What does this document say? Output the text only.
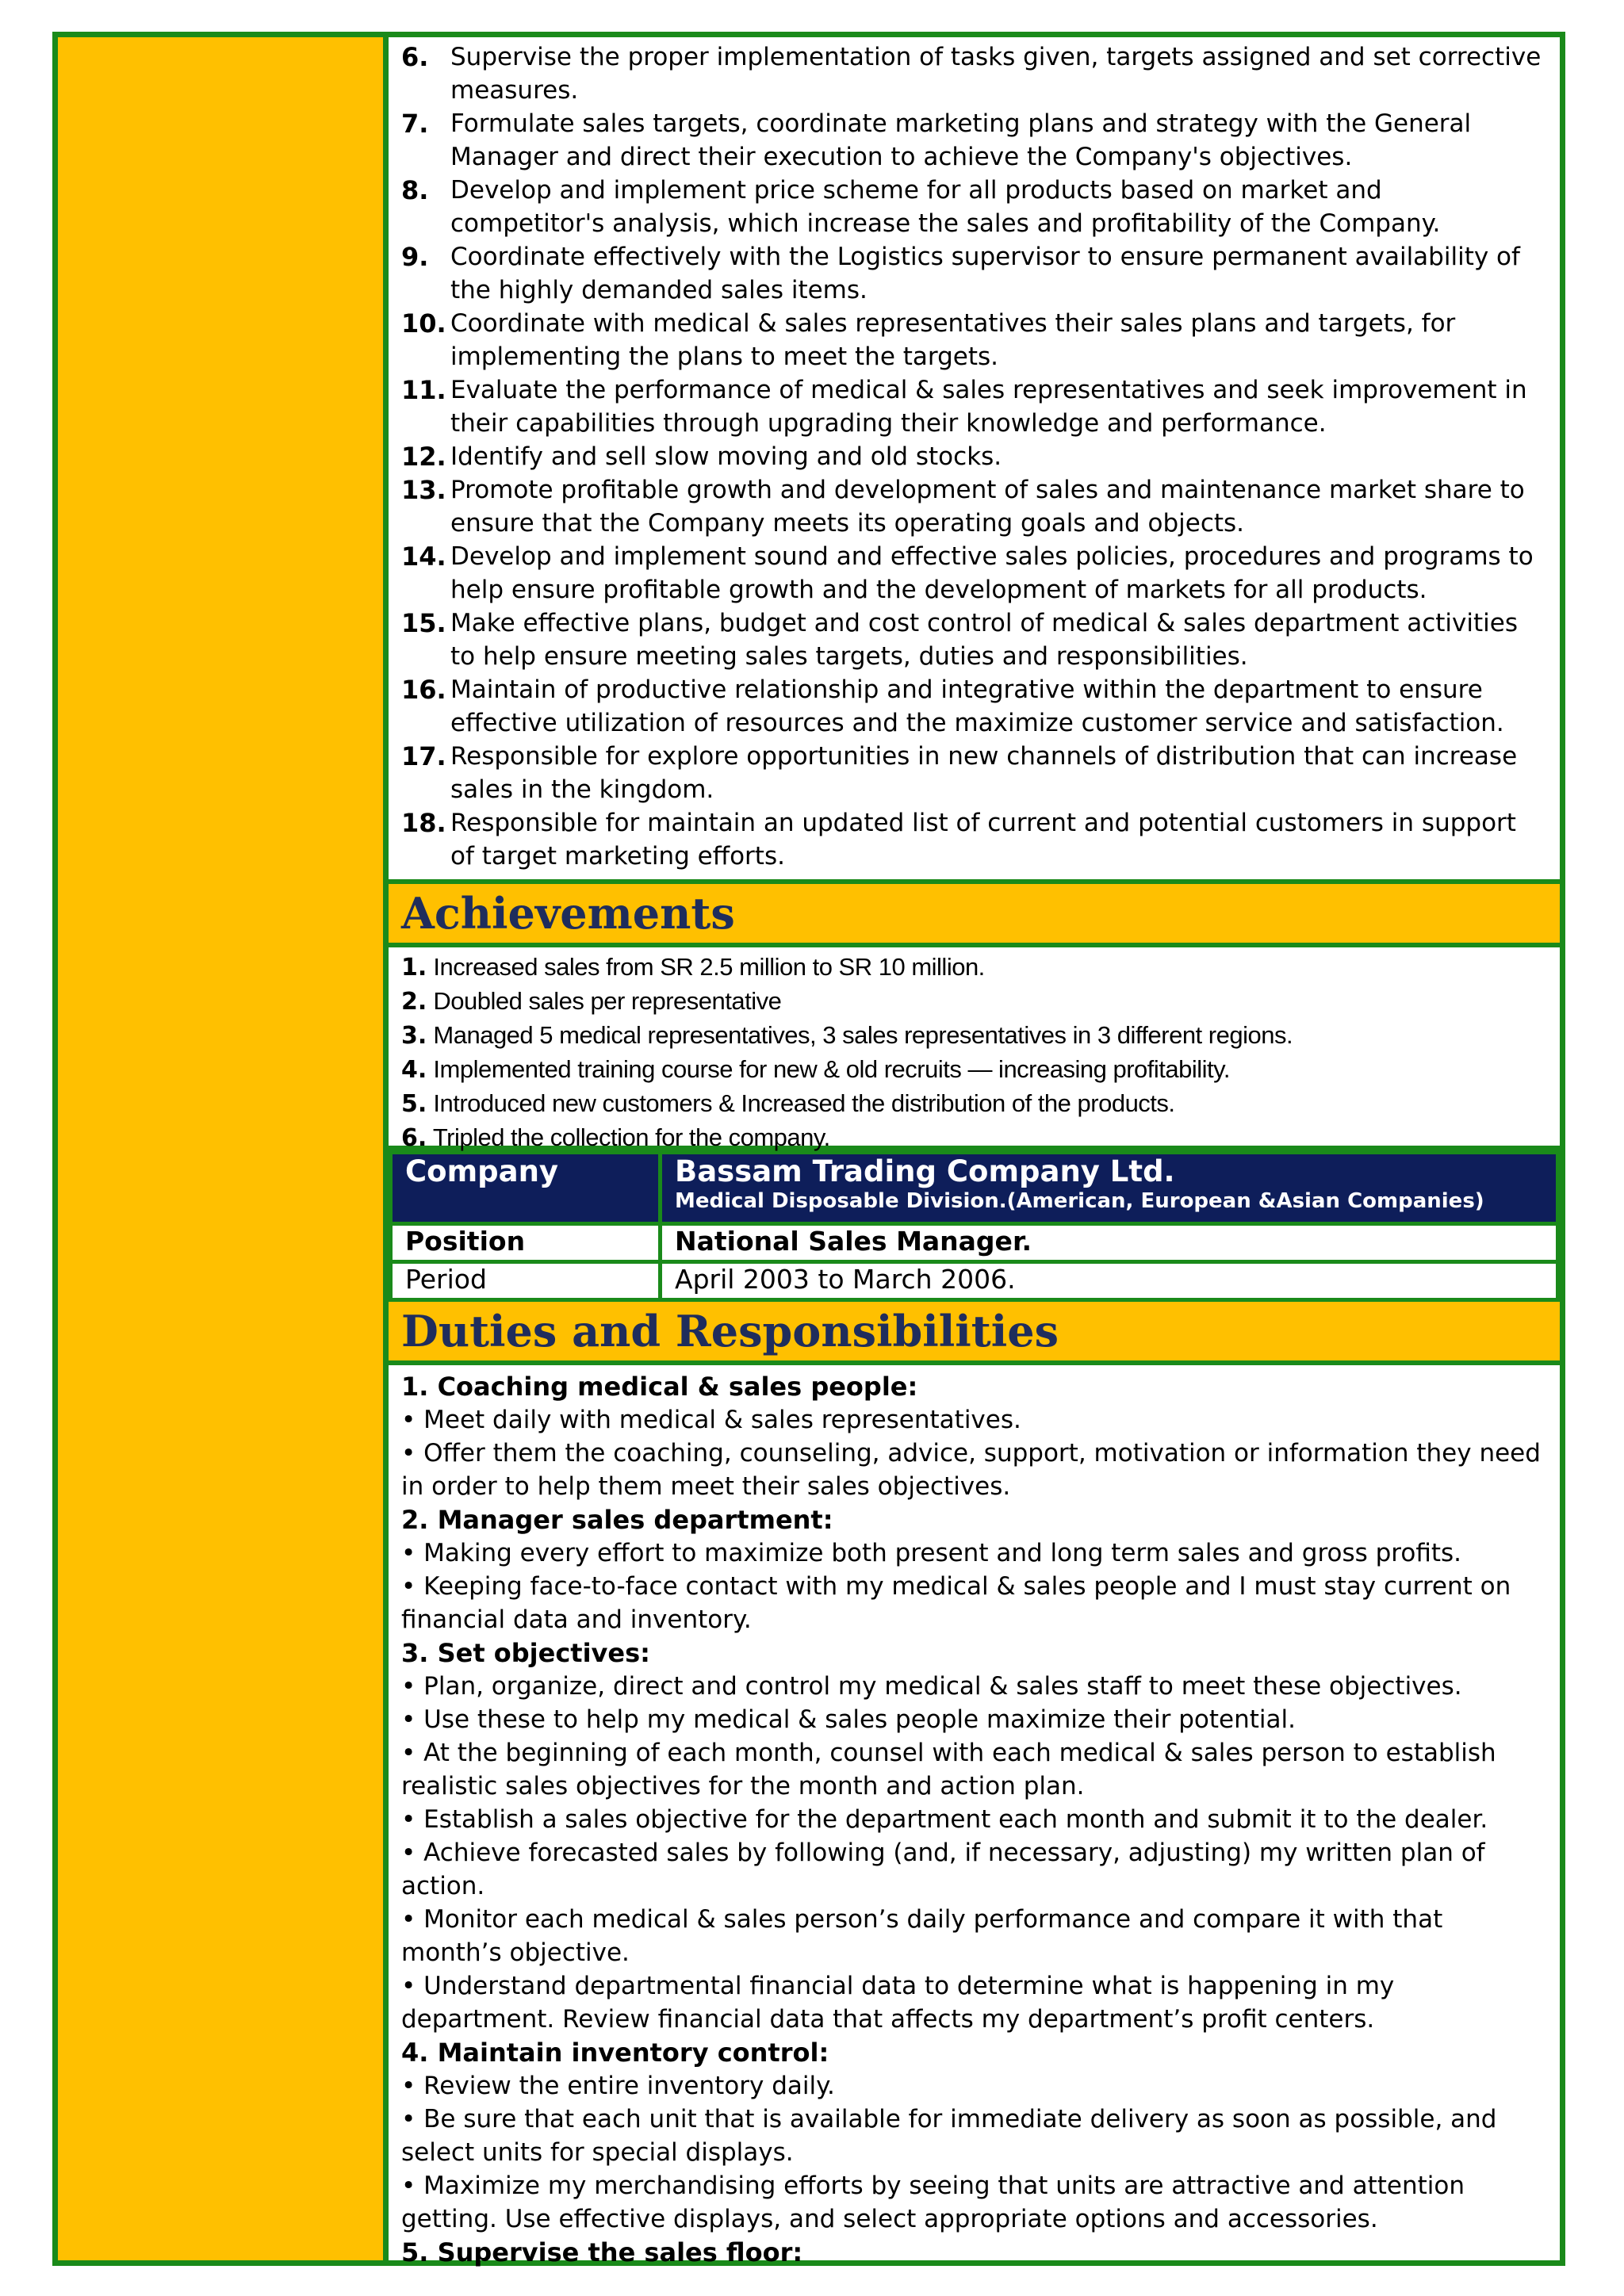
6. Supervise the proper implementation of tasks given, targets assigned and set corrective measures.
7. Formulate sales targets, coordinate marketing plans and strategy with the General Manager and direct their execution to achieve the Company's objectives.
8. Develop and implement price scheme for all products based on market and competitor's analysis, which increase the sales and profitability of the Company.
9. Coordinate effectively with the Logistics supervisor to ensure permanent availability of the highly demanded sales items.
10. Coordinate with medical & sales representatives their sales plans and targets, for implementing the plans to meet the targets.
11. Evaluate the performance of medical & sales representatives and seek improvement in their capabilities through upgrading their knowledge and performance.
12. Identify and sell slow moving and old stocks.
13. Promote profitable growth and development of sales and maintenance market share to ensure that the Company meets its operating goals and objects.
14. Develop and implement sound and effective sales policies, procedures and programs to help ensure profitable growth and the development of markets for all products.
15. Make effective plans, budget and cost control of medical & sales department activities to help ensure meeting sales targets, duties and responsibilities.
16. Maintain of productive relationship and integrative within the department to ensure effective utilization of resources and the maximize customer service and satisfaction.
17. Responsible for explore opportunities in new channels of distribution that can increase sales in the kingdom.
18. Responsible for maintain an updated list of current and potential customers in support of target marketing efforts.
Achievements
1. Increased sales from SR 2.5 million to SR 10 million.
2. Doubled sales per representative
3. Managed 5 medical representatives, 3 sales representatives in 3 different regions.
4. Implemented training course for new & old recruits — increasing profitability.
5. Introduced new customers & Increased the distribution of the products.
6. Tripled the collection for the company.
Company	Bassam Trading Company Ltd.
Medical Disposable Division.(American, European &Asian Companies)

Position	National Sales Manager.
Period	April 2003 to March 2006.
Duties and Responsibilities
1. Coaching medical & sales people:
• Meet daily with medical & sales representatives.
• Offer them the coaching, counseling, advice, support, motivation or information they need in order to help them meet their sales objectives.
2. Manager sales department:
• Making every effort to maximize both present and long term sales and gross profits.
• Keeping face-to-face contact with my medical & sales people and I must stay current on financial data and inventory.
3. Set objectives:
• Plan, organize, direct and control my medical & sales staff to meet these objectives.
• Use these to help my medical & sales people maximize their potential.
• At the beginning of each month, counsel with each medical & sales person to establish realistic sales objectives for the month and action plan.
• Establish a sales objective for the department each month and submit it to the dealer.
• Achieve forecasted sales by following (and, if necessary, adjusting) my written plan of action.
• Monitor each medical & sales person’s daily performance and compare it with that month’s objective.
• Understand departmental financial data to determine what is happening in my department. Review financial data that affects my department’s profit centers.
4. Maintain inventory control:
• Review the entire inventory daily.
• Be sure that each unit that is available for immediate delivery as soon as possible, and select units for special displays.
• Maximize my merchandising efforts by seeing that units are attractive and attention getting. Use effective displays, and select appropriate options and accessories.
5. Supervise the sales floor:
